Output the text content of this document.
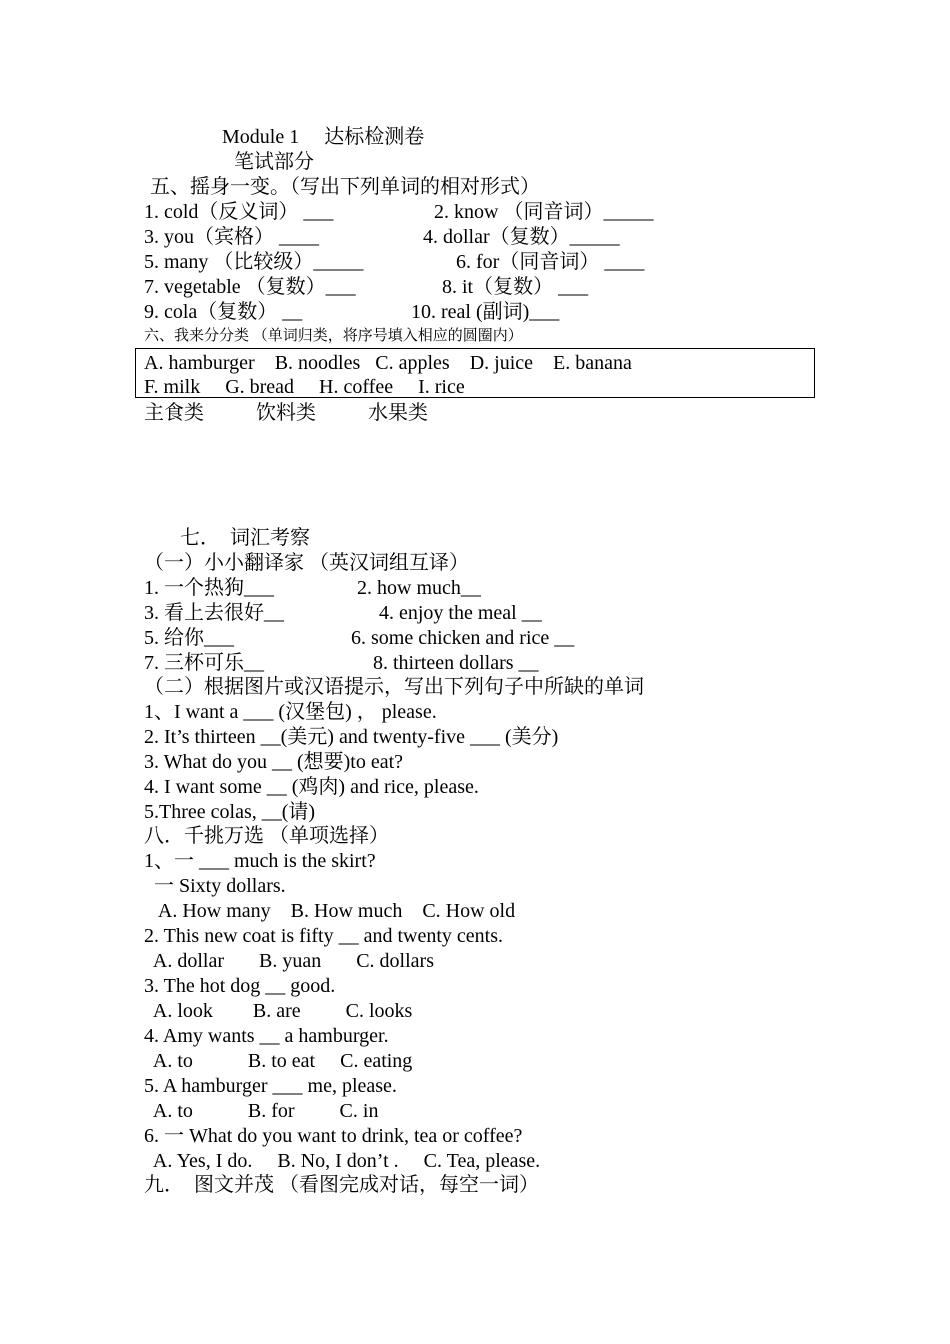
Module 1     达标检测卷
笔试部分
五、摇身一变。（写出下列单词的相对形式）
1. cold（反义词） ___	2. know （同音词）_____
3. you（宾格） ____	4. dollar（复数）_____
5. many （比较级）_____	6. for（同音词） ____
7. vegetable （复数）___	8. it（复数） ___
9. cola（复数） __	10. real (副词)___
六、我来分分类 （单词归类，将序号填入相应的圆圈内）
A. hamburger    B. noodles   C. apples    D. juice    E. banana
F. milk     G. bread     H. coffee     I. rice
主食类	饮料类	水果类
七．  词汇考察
（一）小小翻译家 （英汉词组互译）
1. 一个热狗___	2. how much__
3. 看上去很好__	4. enjoy the meal __
5. 给你___	6. some chicken and rice __
7. 三杯可乐__	8. thirteen dollars __
（二）根据图片或汉语提示，写出下列句子中所缺的单词
1、I want a ___ (汉堡包) ， please.
2. It’s thirteen __(美元) and twenty-five ___ (美分)
3. What do you __ (想要)to eat?
4. I want some __ (鸡肉) and rice, please.
5.Three colas, __(请)
八．千挑万选 （单项选择）
1、一 ___ much is the skirt?
一 Sixty dollars.
A. How many    B. How much    C. How old
2. This new coat is fifty __ and twenty cents.
A. dollar       B. yuan       C. dollars
3. The hot dog __ good.
A. look        B. are         C. looks
4. Amy wants __ a hamburger.
A. to           B. to eat     C. eating
5. A hamburger ___ me, please.
A. to           B. for         C. in
6. 一 What do you want to drink, tea or coffee?
A. Yes, I do.     B. No, I don’t .     C. Tea, please.
九．  图文并茂 （看图完成对话，每空一词）
